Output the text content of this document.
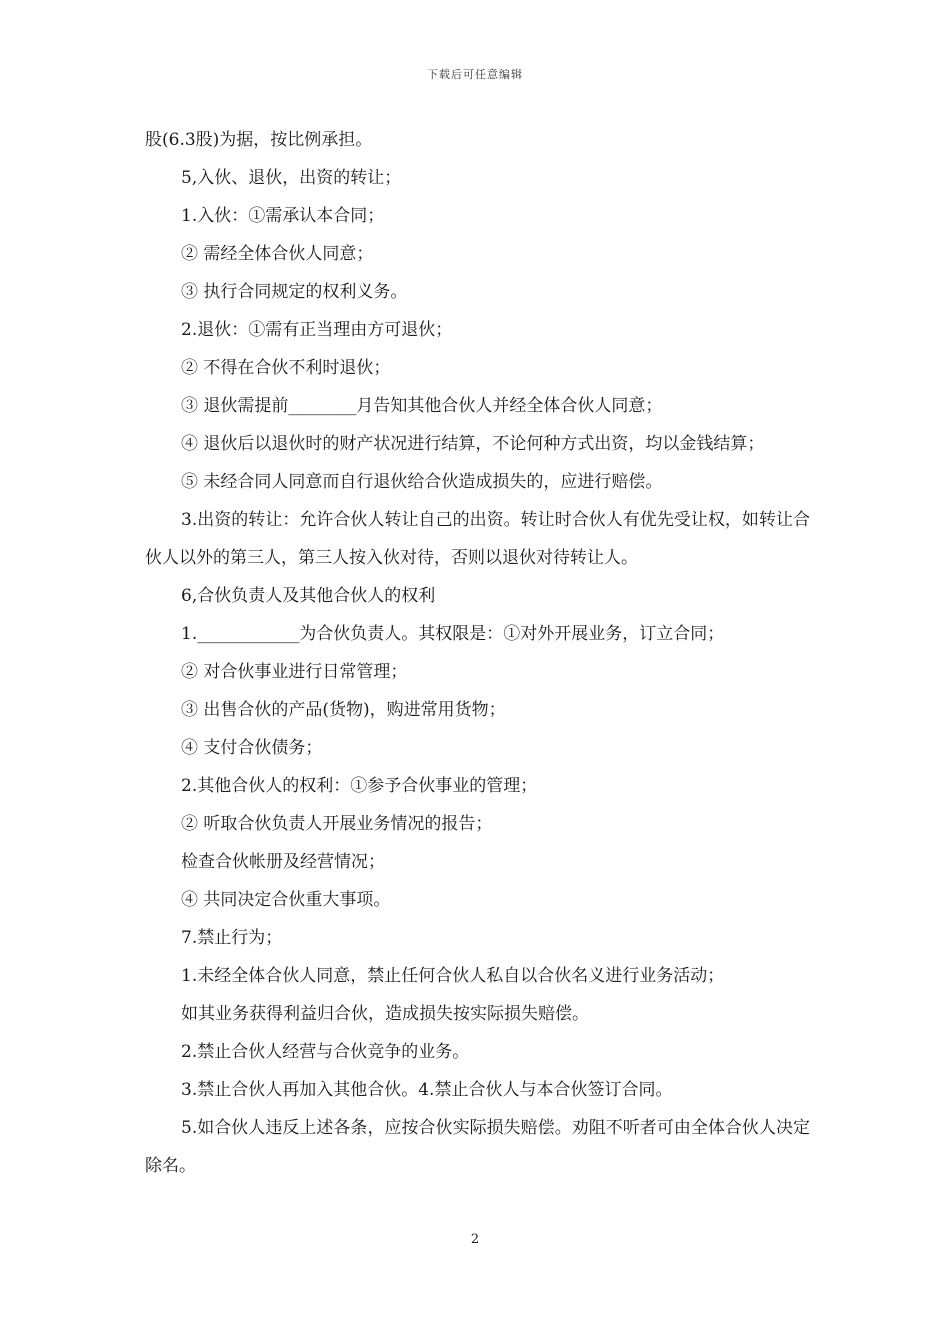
下载后可任意编辑

股(6.3股)为据，按比例承担。

5,入伙、退伙，出资的转让；

1.入伙：①需承认本合同；

② 需经全体合伙人同意；

③ 执行合同规定的权利义务。

2.退伙：①需有正当理由方可退伙；

② 不得在合伙不利时退伙；

③ 退伙需提前________月告知其他合伙人并经全体合伙人同意；

④ 退伙后以退伙时的财产状况进行结算，不论何种方式出资，均以金钱结算；

⑤ 未经合同人同意而自行退伙给合伙造成损失的，应进行赔偿。

3.出资的转让：允许合伙人转让自己的出资。转让时合伙人有优先受让权，如转让合伙人以外的第三人，第三人按入伙对待，否则以退伙对待转让人。

6,合伙负责人及其他合伙人的权利

1.____________为合伙负责人。其权限是：①对外开展业务，订立合同；

② 对合伙事业进行日常管理；

③ 出售合伙的产品(货物)，购进常用货物；

④ 支付合伙债务；

2.其他合伙人的权利：①参予合伙事业的管理；

② 听取合伙负责人开展业务情况的报告；

检查合伙帐册及经营情况；

④ 共同决定合伙重大事项。

7.禁止行为；

1.未经全体合伙人同意，禁止任何合伙人私自以合伙名义进行业务活动；

如其业务获得利益归合伙，造成损失按实际损失赔偿。

2.禁止合伙人经营与合伙竞争的业务。

3.禁止合伙人再加入其他合伙。4.禁止合伙人与本合伙签订合同。

5.如合伙人违反上述各条，应按合伙实际损失赔偿。劝阻不听者可由全体合伙人决定除名。

2
